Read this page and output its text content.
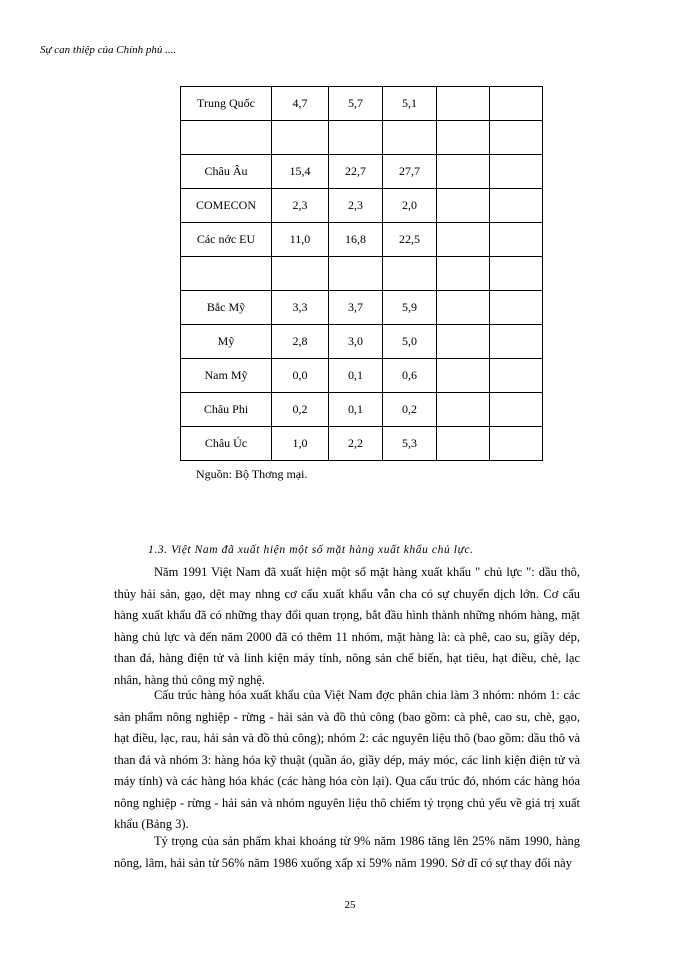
Sự can thiệp của Chính phủ ....
Trung Quốc	4,7	5,7	5,1		

Châu Âu	15,4	22,7	27,7		
COMECON	2,3	2,3	2,0		
Các nớc EU	11,0	16,8	22,5		

Bắc Mỹ	3,3	3,7	5,9		
Mỹ	2,8	3,0	5,0		
Nam Mỹ	0,0	0,1	0,6		
Châu Phi	0,2	0,1	0,2		
Châu Úc	1,0	2,2	5,3		
Nguồn: Bộ Thơng mại.
1.3. Việt Nam đã xuất hiện một số mặt hàng xuất khẩu chủ lực.

Năm 1991 Việt Nam đã xuất hiện một số mặt hàng xuất khẩu " chủ lực ": dầu thô, thủy hải sản, gạo, dệt may nhng cơ cấu xuất khẩu vẫn cha có sự chuyển dịch lớn. Cơ cấu hàng xuất khẩu đã có những thay đổi quan trọng, bắt đầu hình thành những nhóm hàng, mặt hàng chủ lực và đến năm 2000 đã có thêm 11 nhóm, mặt hàng là: cà phê, cao su, giầy dép, than đá, hàng điện tử và linh kiện máy tính, nông sản chế biến, hạt tiêu, hạt điều, chè, lạc nhân, hàng thủ công mỹ nghệ.

Cấu trúc hàng hóa xuất khẩu của Việt Nam đợc phân chia làm 3 nhóm: nhóm 1: các sản phẩm nông nghiệp - rừng - hải sản và đồ thủ công (bao gồm: cà phê, cao su, chè, gạo, hạt điều, lạc, rau, hải sản và đồ thủ công); nhóm 2: các nguyên liệu thô (bao gồm: dầu thô và than đá và nhóm 3: hàng hóa kỹ thuật (quần áo, giầy dép, máy móc, các linh kiện điện tử và máy tính) và các hàng hóa khác (các hàng hóa còn lại). Qua cấu trúc đó, nhóm các hàng hóa nông nghiệp - rừng - hải sản và nhóm nguyên liệu thô chiếm tỷ trọng chủ yếu về giá trị xuất khẩu (Bảng 3).

Tỷ trọng của sản phẩm khai khoáng từ 9% năm 1986 tăng lên 25% năm 1990, hàng nông, lâm, hải sản từ 56% năm 1986 xuống xấp xỉ 59% năm 1990. Sở dĩ có sự thay đổi này

25
